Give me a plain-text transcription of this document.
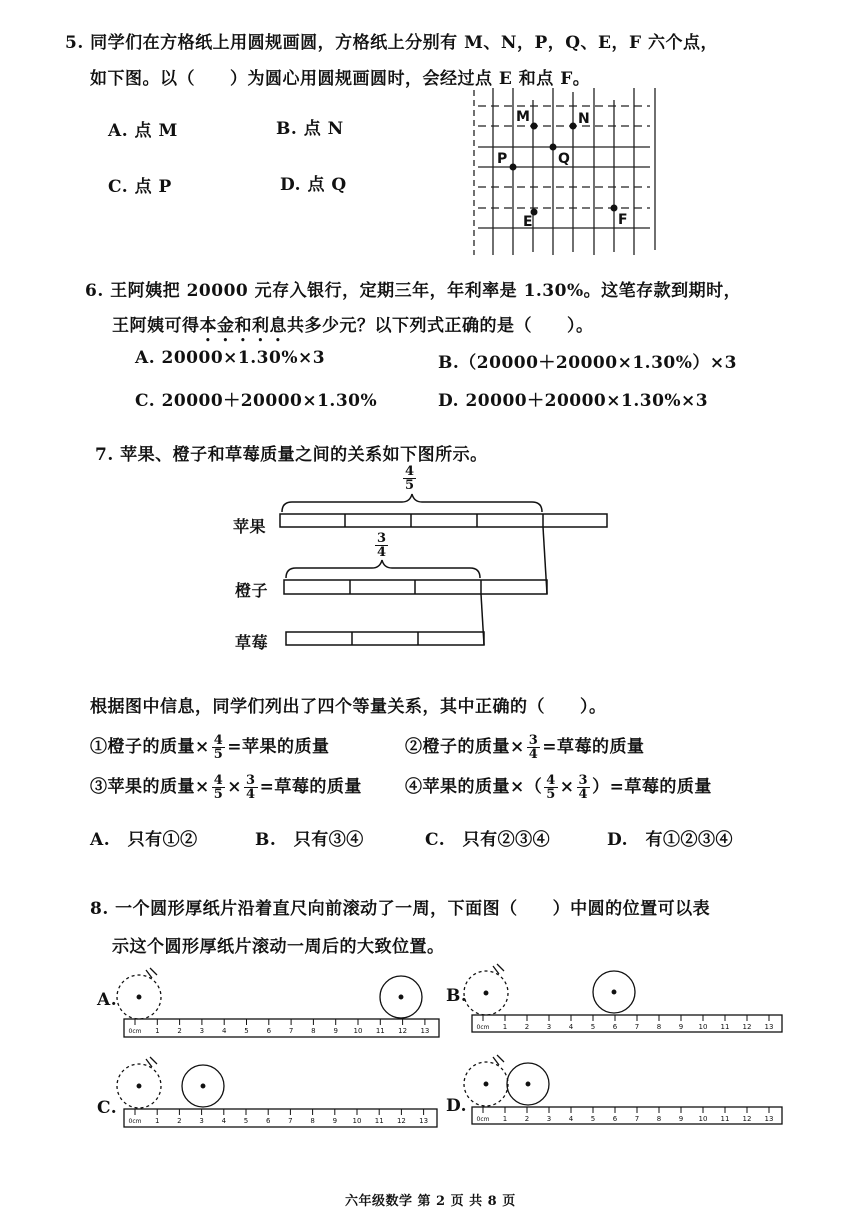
5. 同学们在方格纸上用圆规画圆，方格纸上分别有 M、N，P，Q、E，F 六个点，
如下图。以（　　）为圆心用圆规画圆时，会经过点 E 和点 F。
A. 点 M	B. 点 N
C. 点 P	D. 点 Q
M	N
P	Q
E	F
0cm 1	2	3	4	5	6	7	8	9 10 11 12 13	0cm 1	2	3	4	5	6	7	8	9 10 11 12 13
0cm 1	2	3	4	5	6	7	8	9 10 11 12 13	0cm 1	2	3	4	5	6	7	8	9 10 11 12 13
6. 王阿姨把 20000 元存入银行，定期三年，年利率是 1.30%。这笔存款到期时，
王阿姨可得本金和利息共多少元？以下列式正确的是（　　）。
A. 20000×1.30%×3	B.（20000＋20000×1.30%）×3
C. 20000＋20000×1.30%	D. 20000＋20000×1.30%×3
7. 苹果、橙子和草莓质量之间的关系如下图所示。
$\frac{4}{5}$
$\frac{3}{4}$
苹果
橙子
草莓
根据图中信息，同学们列出了四个等量关系，其中正确的（　　）。
①橙子的质量× $\frac{4}{5}$ =苹果的质量	②橙子的质量× $\frac{3}{4}$ =草莓的质量
③苹果的质量× $\frac{4}{5} \times \frac{3}{4}$ =草莓的质量	④苹果的质量×（ $\frac{4}{5} \times \frac{3}{4}$ ）=草莓的质量
A.　只有①②	B.　只有③④	C.　只有②③④	D.　有①②③④
8. 一个圆形厚纸片沿着直尺向前滚动了一周，下面图（　　）中圆的位置可以表
示这个圆形厚纸片滚动一周后的大致位置。
A.	B.
C.	D.
六年级数学 第 2 页 共 8 页
